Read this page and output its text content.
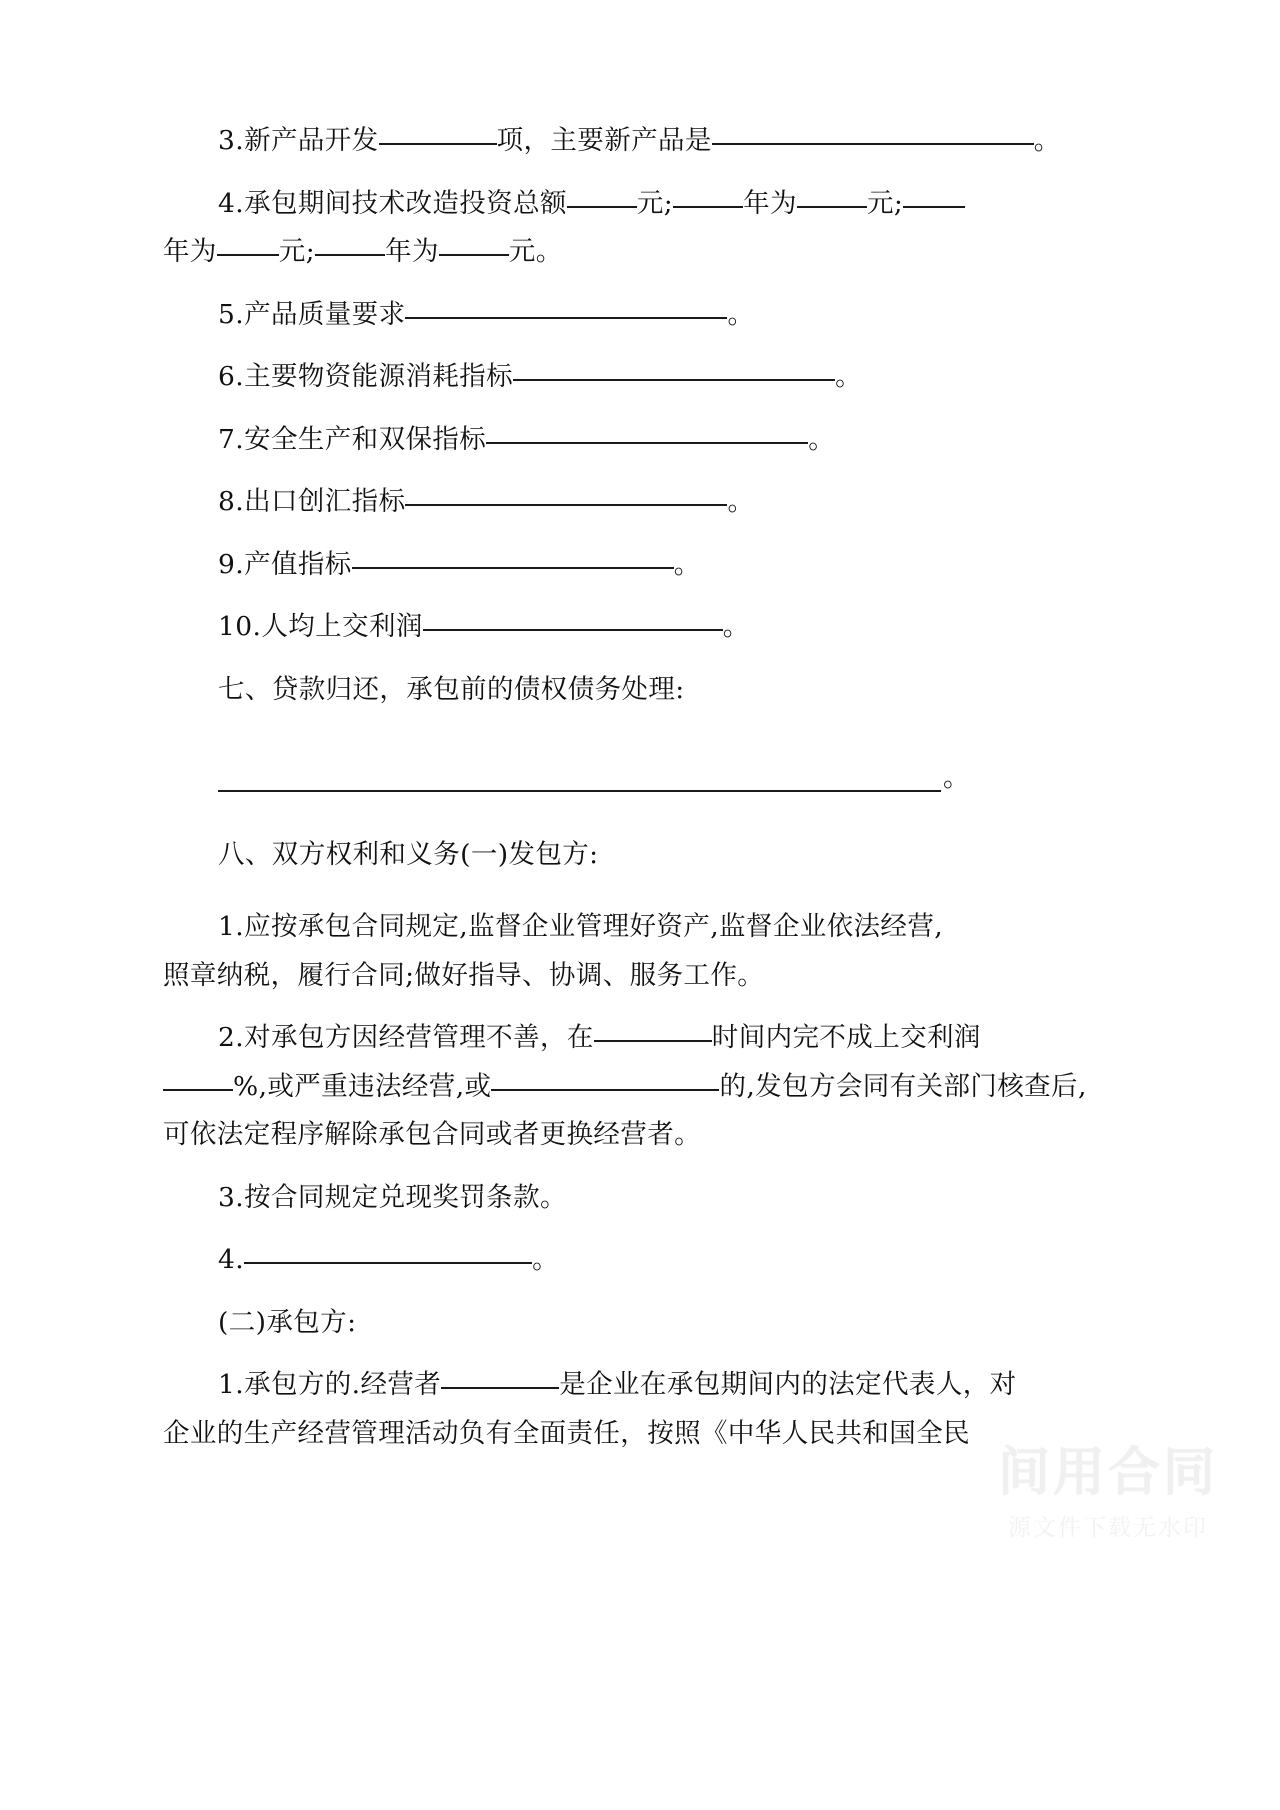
3.新产品开发	项，主要新产品是	。
4.承包期间技术改造投资总额	元;	年为	元;
年为 元;	年为	元。
5.产品质量要求	。
6.主要物资能源消耗指标	。
7.安全生产和双保指标	。
8.出口创汇指标	。
9.产值指标	。
10.人均上交利润	。
七、贷款归还，承包前的债权债务处理:
。
八、双方权利和义务(一)发包方:
1.应按承包合同规定,监督企业管理好资产,监督企业依法经营,
照章纳税，履行合同;做好指导、协调、服务工作。
2.对承包方因经营管理不善，在	时间内完不成上交利润
%,或严重违法经营,或	的,发包方会同有关部门核查后,
可依法定程序解除承包合同或者更换经营者。
3.按合同规定兑现奖罚条款。
4.	。
(二)承包方:
1.承包方的.经营者	是企业在承包期间内的法定代表人，对
企业的生产经营管理活动负有全面责任，按照《中华人民共和国全民
间用合同
源文件下载无水印
